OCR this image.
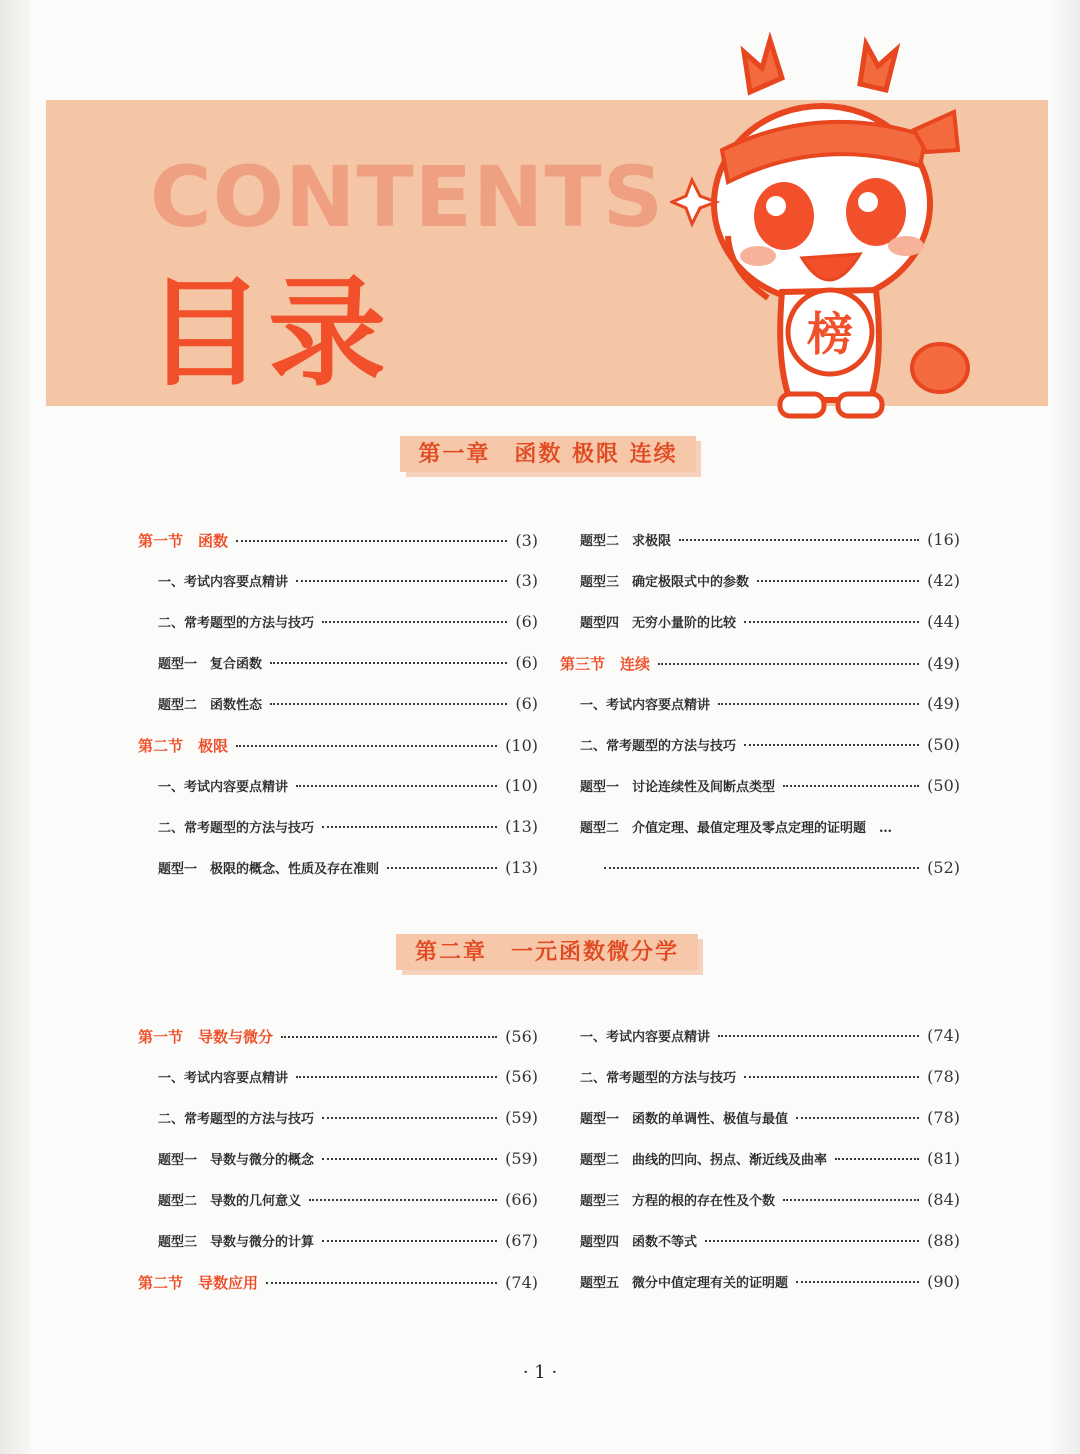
CONTENTS
目录	榜
第一章　函数 极限 连续
第一节　函数	(3)
一、考试内容要点精讲	(3)
二、常考题型的方法与技巧	(6)
题型一　复合函数	(6)
题型二　函数性态	(6)
第二节　极限	(10)
一、考试内容要点精讲	(10)
二、常考题型的方法与技巧	(13)
题型一　极限的概念、性质及存在准则	(13)
题型二　求极限	(16)
题型三　确定极限式中的参数	(42)
题型四　无穷小量阶的比较	(44)
第三节　连续	(49)
一、考试内容要点精讲	(49)
二、常考题型的方法与技巧	(50)
题型一　讨论连续性及间断点类型	(50)
题型二　介值定理、最值定理及零点定理的证明题　…
(52)
第二章　一元函数微分学
第一节　导数与微分	(56)
一、考试内容要点精讲	(56)
二、常考题型的方法与技巧	(59)
题型一　导数与微分的概念	(59)
题型二　导数的几何意义	(66)
题型三　导数与微分的计算	(67)
第二节　导数应用	(74)
一、考试内容要点精讲	(74)
二、常考题型的方法与技巧	(78)
题型一　函数的单调性、极值与最值	(78)
题型二　曲线的凹向、拐点、渐近线及曲率	(81)
题型三　方程的根的存在性及个数	(84)
题型四　函数不等式	(88)
题型五　微分中值定理有关的证明题	(90)
· 1 ·
